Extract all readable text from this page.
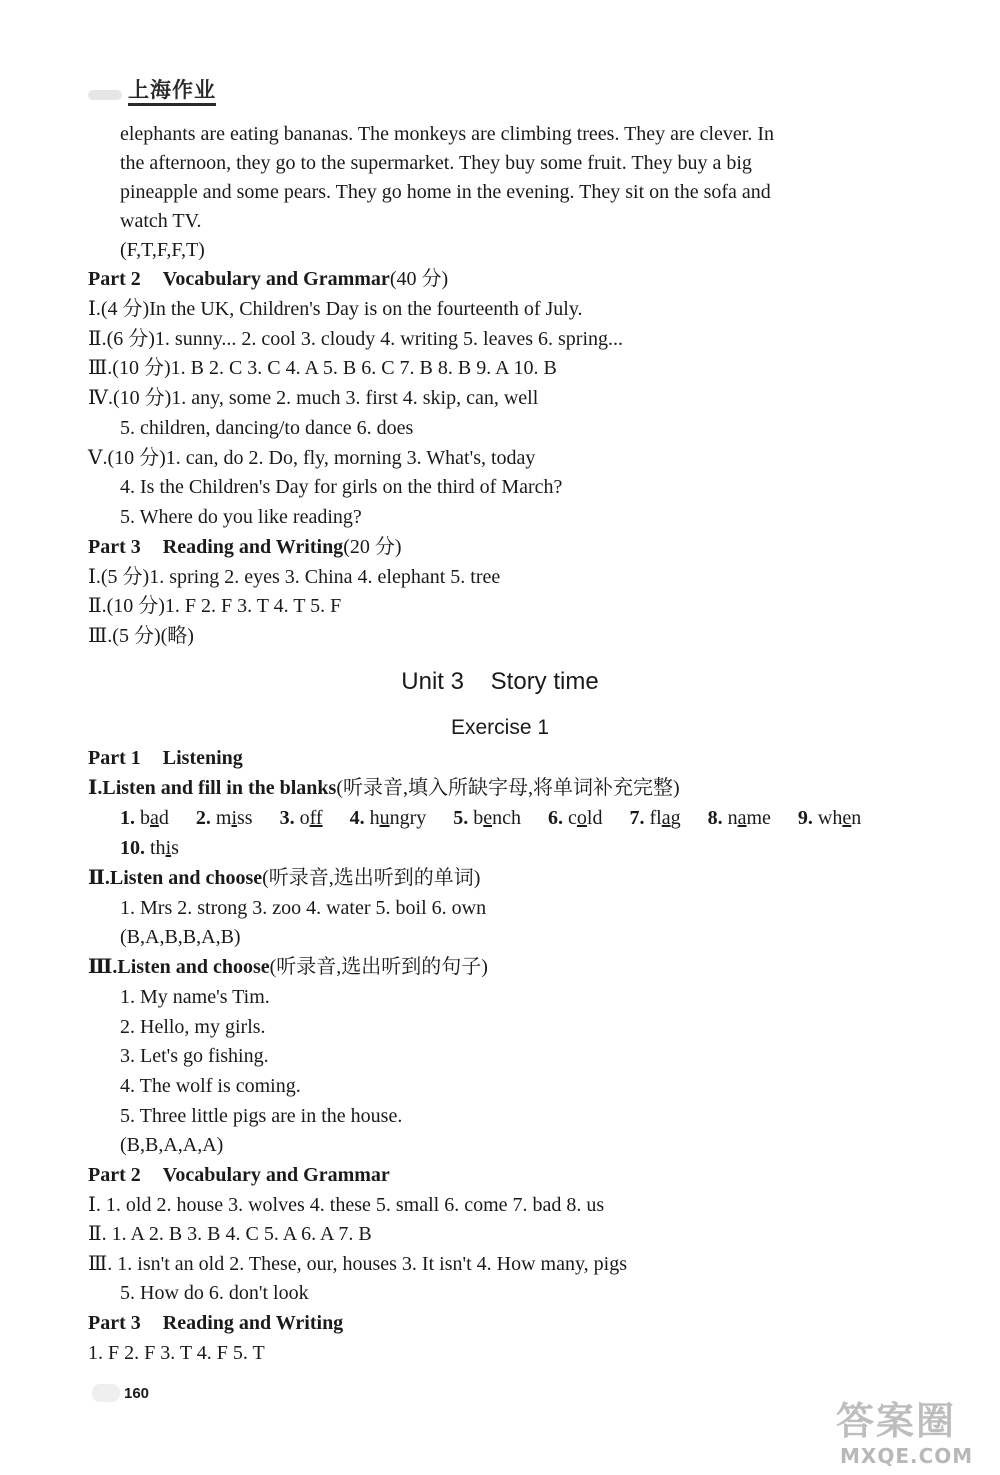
上海作业
elephants are eating bananas. The monkeys are climbing trees. They are clever. In
the afternoon, they go to the supermarket. They buy some fruit. They buy a big
pineapple and some pears. They go home in the evening. They sit on the sofa and
watch TV.
(F,T,F,F,T)
Part 2 Vocabulary and Grammar(40 分)
Ⅰ.(4 分)In the UK, Children's Day is on the fourteenth of July.
Ⅱ.(6 分)1. sunny... 2. cool 3. cloudy 4. writing 5. leaves 6. spring...
Ⅲ.(10 分)1. B 2. C 3. C 4. A 5. B 6. C 7. B 8. B 9. A 10. B
Ⅳ.(10 分)1. any, some 2. much 3. first 4. skip, can, well
5. children, dancing/to dance 6. does
Ⅴ.(10 分)1. can, do 2. Do, fly, morning 3. What's, today
4. Is the Children's Day for girls on the third of March?
5. Where do you like reading?
Part 3 Reading and Writing(20 分)
Ⅰ.(5 分)1. spring 2. eyes 3. China 4. elephant 5. tree
Ⅱ.(10 分)1. F 2. F 3. T 4. T 5. F
Ⅲ.(5 分)(略)
Unit 3    Story time
Exercise 1
Part 1 Listening
Ⅰ.Listen and fill in the blanks(听录音,填入所缺字母,将单词补充完整)
1. bad 2. miss 3. off 4. hungry 5. bench 6. cold 7. flag 8. name 9. when
10. this
Ⅱ.Listen and choose(听录音,选出听到的单词)
1. Mrs 2. strong 3. zoo 4. water 5. boil 6. own
(B,A,B,B,A,B)
Ⅲ.Listen and choose(听录音,选出听到的句子)
1. My name's Tim.
2. Hello, my girls.
3. Let's go fishing.
4. The wolf is coming.
5. Three little pigs are in the house.
(B,B,A,A,A)
Part 2 Vocabulary and Grammar
Ⅰ. 1. old 2. house 3. wolves 4. these 5. small 6. come 7. bad 8. us
Ⅱ. 1. A 2. B 3. B 4. C 5. A 6. A 7. B
Ⅲ. 1. isn't an old 2. These, our, houses 3. It isn't 4. How many, pigs
5. How do 6. don't look
Part 3 Reading and Writing
1. F 2. F 3. T 4. F 5. T
160
答案圈
MXQE.COM
